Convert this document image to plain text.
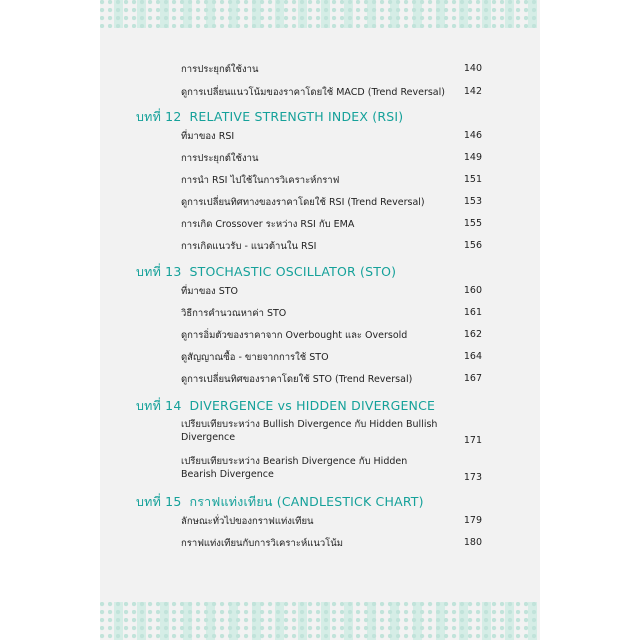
การประยุกต์ใช้งาน	140
ดูการเปลี่ยนแนวโน้มของราคาโดยใช้ MACD (Trend Reversal)	142
บทที่ 12 RELATIVE STRENGTH INDEX (RSI)
ที่มาของ RSI	146
การประยุกต์ใช้งาน	149
การนำ RSI ไปใช้ในการวิเคราะห์กราฟ	151
ดูการเปลี่ยนทิศทางของราคาโดยใช้ RSI (Trend Reversal)	153
การเกิด Crossover ระหว่าง RSI กับ EMA	155
การเกิดแนวรับ - แนวต้านใน RSI	156
บทที่ 13 STOCHASTIC OSCILLATOR (STO)
ที่มาของ STO	160
วิธีการคำนวณหาค่า STO	161
ดูการอิ่มตัวของราคาจาก Overbought และ Oversold	162
ดูสัญญาณซื้อ - ขายจากการใช้ STO	164
ดูการเปลี่ยนทิศของราคาโดยใช้ STO (Trend Reversal)	167
บทที่ 14 DIVERGENCE vs HIDDEN DIVERGENCE
เปรียบเทียบระหว่าง Bullish Divergence กับ Hidden Bullish Divergence	171
เปรียบเทียบระหว่าง Bearish Divergence กับ Hidden Bearish Divergence	173
บทที่ 15 กราฟแท่งเทียน (CANDLESTICK CHART)
ลักษณะทั่วไปของกราฟแท่งเทียน	179
กราฟแท่งเทียนกับการวิเคราะห์แนวโน้ม	180
